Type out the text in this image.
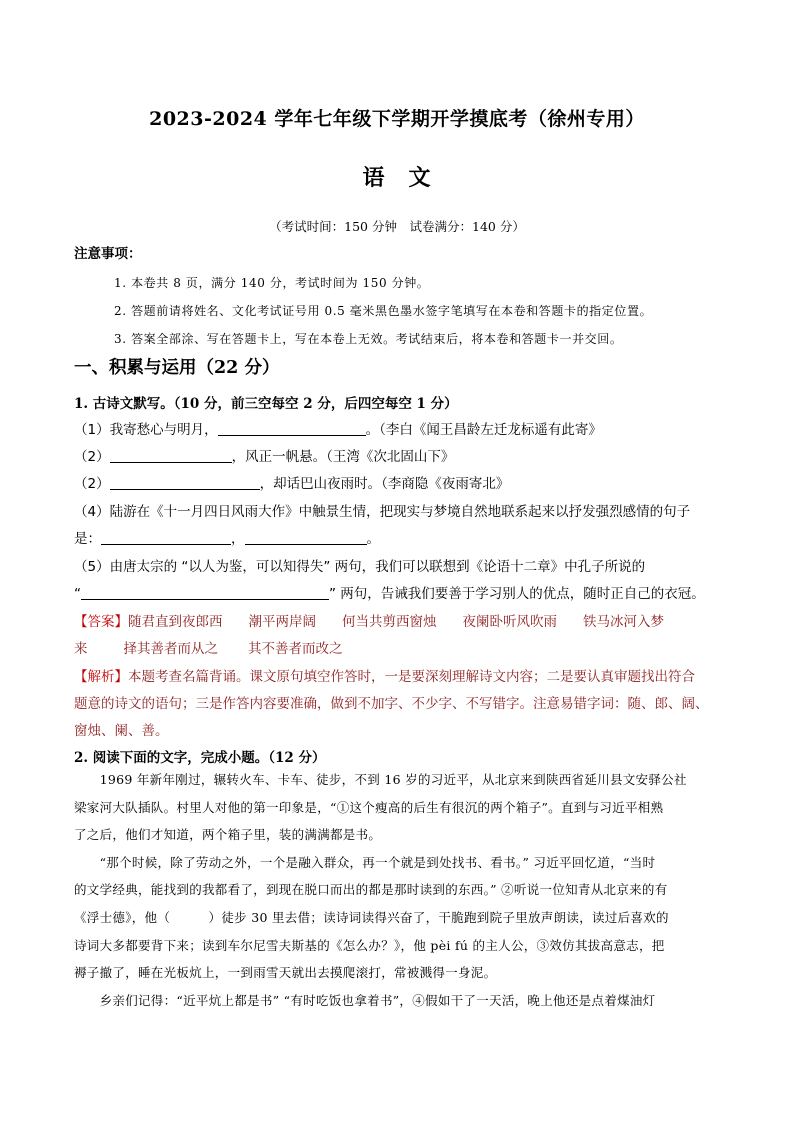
2023-2024 学年七年级下学期开学摸底考（徐州专用）
语　文
（考试时间：150 分钟　试卷满分：140 分）
注意事项：
1. 本卷共 8 页，满分 140 分，考试时间为 150 分钟。
2. 答题前请将姓名、文化考试证号用 0.5 毫米黑色墨水签字笔填写在本卷和答题卡的指定位置。
3. 答案全部涂、写在答题卡上，写在本卷上无效。考试结束后，将本卷和答题卡一并交回。
一、积累与运用（22 分）
1. 古诗文默写。（10 分，前三空每空 2 分，后四空每空 1 分）
（1）我寄愁心与明月，	。（李白《闻王昌龄左迁龙标遥有此寄》
（2）	，风正一帆悬。（王湾《次北固山下》
（2）	，却话巴山夜雨时。（李商隐《夜雨寄北》
（4）陆游在《十一月四日风雨大作》中触景生情，把现实与梦境自然地联系起来以抒发强烈感情的句子
是：	，	。
（5）由唐太宗的 “以人为鉴，可以知得失” 两句，我们可以联想到《论语十二章》中孔子所说的
“	” 两句，告诫我们要善于学习别人的优点，随时正自己的衣冠。
【答案】随君直到夜郎西 潮平两岸阔 何当共剪西窗烛 夜阑卧听风吹雨 铁马冰河入梦
来	择其善者而从之 其不善者而改之
【解析】本题考查名篇背诵。课文原句填空作答时，一是要深刻理解诗文内容；二是要认真审题找出符合
题意的诗文的语句；三是作答内容要准确，做到不加字、不少字、不写错字。注意易错字词：随、郎、阔、
窗烛、阑、善。
2. 阅读下面的文字，完成小题。（12 分）

　　1969 年新年刚过，辗转火车、卡车、徒步，不到 16 岁的习近平，从北京来到陕西省延川县文安驿公社

梁家河大队插队。村里人对他的第一印象是，“①这个瘦高的后生有很沉的两个箱子”。直到与习近平相熟

了之后，他们才知道，两个箱子里，装的满满都是书。

　　“那个时候，除了劳动之外，一个是融入群众，再一个就是到处找书、看书。” 习近平回忆道，“当时

的文学经典，能找到的我都看了，到现在脱口而出的都是那时读到的东西。” ②听说一位知青从北京来的有

《浮士德》，他（　　　）徒步 30 里去借；读诗词读得兴奋了，干脆跑到院子里放声朗读，读过后喜欢的

诗词大多都要背下来；读到车尔尼雪夫斯基的《怎么办？》，他 pèi fú 的主人公，③效仿其拔高意志，把

褥子撤了，睡在光板炕上，一到雨雪天就出去摸爬滚打，常被溅得一身泥。

　　乡亲们记得：“近平炕上都是书” “有时吃饭也拿着书”，④假如干了一天活，晚上他还是点着煤油灯
